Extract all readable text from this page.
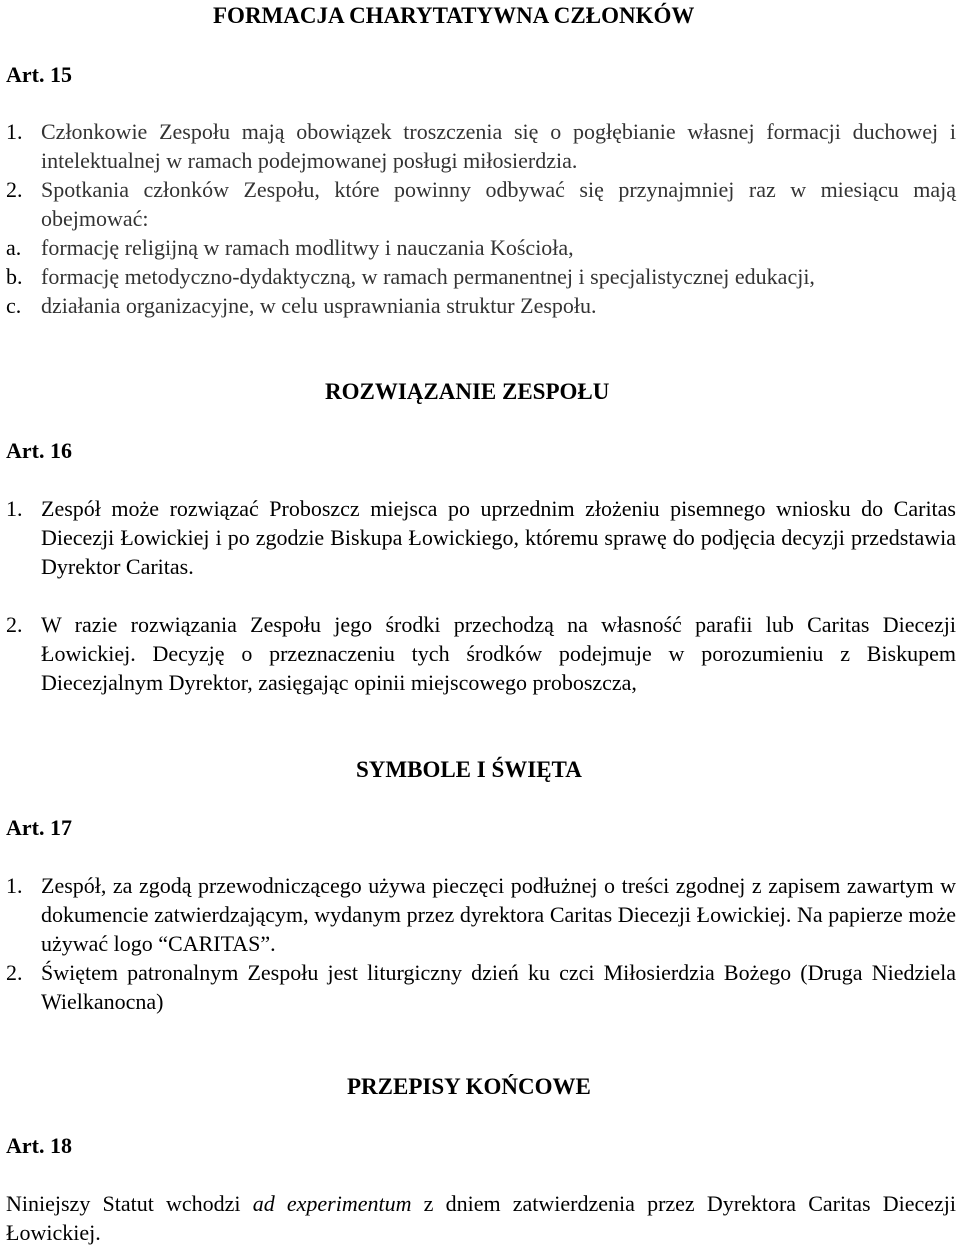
FORMACJA CHARYTATYWNA CZŁONKÓW
Art. 15
1. Członkowie Zespołu mają obowiązek troszczenia się o pogłębianie własnej formacji duchowej i intelektualnej w ramach podejmowanej posługi miłosierdzia.
2. Spotkania członków Zespołu, które powinny odbywać się przynajmniej raz w miesiącu mają obejmować:
a. formację religijną w ramach modlitwy i nauczania Kościoła,
b. formację metodyczno-dydaktyczną, w ramach permanentnej i specjalistycznej edukacji,
c. działania organizacyjne, w celu usprawniania struktur Zespołu.
ROZWIĄZANIE ZESPOŁU
Art. 16
1. Zespół może rozwiązać Proboszcz miejsca po uprzednim złożeniu pisemnego wniosku do Caritas Diecezji Łowickiej i po zgodzie Biskupa Łowickiego, któremu sprawę do podjęcia decyzji przedstawia Dyrektor Caritas.
2. W razie rozwiązania Zespołu jego środki przechodzą na własność parafii lub Caritas Diecezji Łowickiej. Decyzję o przeznaczeniu tych środków podejmuje w porozumieniu z Biskupem Diecezjalnym Dyrektor, zasięgając opinii miejscowego proboszcza,
SYMBOLE I ŚWIĘTA
Art. 17
1. Zespół, za zgodą przewodniczącego używa pieczęci podłużnej o treści zgodnej z zapisem zawartym w dokumencie zatwierdzającym, wydanym przez dyrektora Caritas Diecezji Łowickiej. Na papierze może używać logo “CARITAS”.
2. Świętem patronalnym Zespołu jest liturgiczny dzień ku czci Miłosierdzia Bożego (Druga Niedziela Wielkanocna)
PRZEPISY KOŃCOWE
Art. 18
Niniejszy Statut wchodzi ad experimentum z dniem zatwierdzenia przez Dyrektora Caritas Diecezji Łowickiej.
